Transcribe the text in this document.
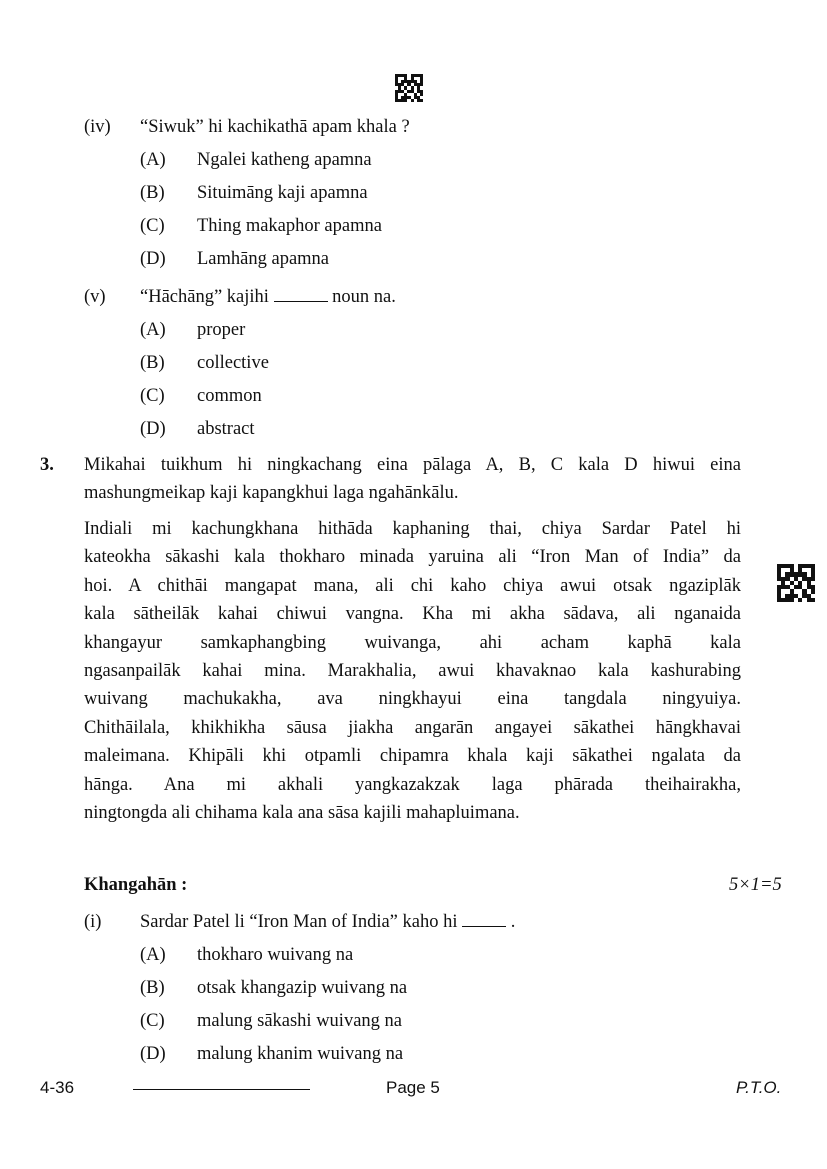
(iv) “Siwuk” hi kachikathā apam khala ?
(A) Ngalei katheng apamna
(B) Situimāng kaji apamna
(C) Thing makaphor apamna
(D) Lamhāng apamna
(v) “Hāchāng” kajihi	noun na.
(A) proper
(B) collective
(C) common
(D) abstract
3. Mikahai tuikhum hi ningkachang eina pālaga A, B, C kala D hiwui eina
mashungmeikap kaji kapangkhui laga ngahānkālu.
Indiali mi kachungkhana hithāda kaphaning thai, chiya Sardar Patel hi
kateokha sākashi kala thokharo minada yaruina ali “Iron Man of India” da
hoi. A chithāi mangapat mana, ali chi kaho chiya awui otsak ngaziplāk
kala sātheilāk kahai chiwui vangna. Kha mi akha sādava, ali nganaida
khangayur samkaphangbing wuivanga, ahi acham kaphā kala
ngasanpailāk kahai mina. Marakhalia, awui khavaknao kala kashurabing
wuivang machukakha, ava ningkhayui eina tangdala ningyuiya.
Chithāilala, khikhikha sāusa jiakha angarān angayei sākathei hāngkhavai
maleimana. Khipāli khi otpamli chipamra khala kaji sākathei ngalata da
hānga. Ana mi akhali yangkazakzak laga phārada theihairakha,
ningtongda ali chihama kala ana sāsa kajili mahapluimana.
Khangahān :	5×1=5
(i) Sardar Patel li “Iron Man of India” kaho hi	.
(A) thokharo wuivang na
(B) otsak khangazip wuivang na
(C) malung sākashi wuivang na
(D) malung khanim wuivang na
4-36	Page 5	P.T.O.
